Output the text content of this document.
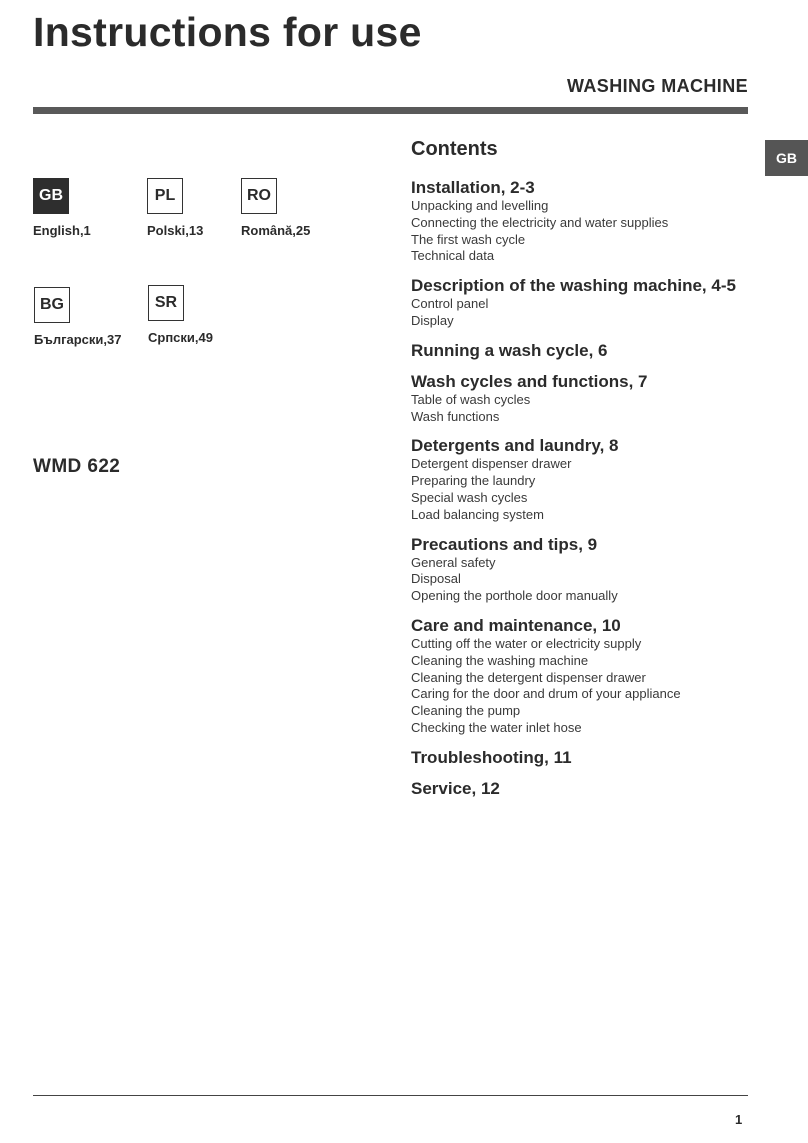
Instructions for use
WASHING MACHINE
GB
GB
English,1
PL
Polski,13
RO
Română,25
BG
Български,37
SR
Српски,49
WMD 622
Contents
Installation, 2-3
Unpacking and levelling
Connecting the electricity and water supplies
The first wash cycle
Technical data
Description of the washing machine, 4-5
Control panel
Display
Running a wash cycle, 6
Wash cycles and functions, 7
Table of wash cycles
Wash functions
Detergents and laundry, 8
Detergent dispenser drawer
Preparing the laundry
Special wash cycles
Load balancing system
Precautions and tips, 9
General safety
Disposal
Opening the porthole door manually
Care and maintenance, 10
Cutting off the water or electricity supply
Cleaning the washing machine
Cleaning the detergent dispenser drawer
Caring for the door and drum of your appliance
Cleaning the pump
Checking the water inlet hose
Troubleshooting, 11
Service, 12
1
